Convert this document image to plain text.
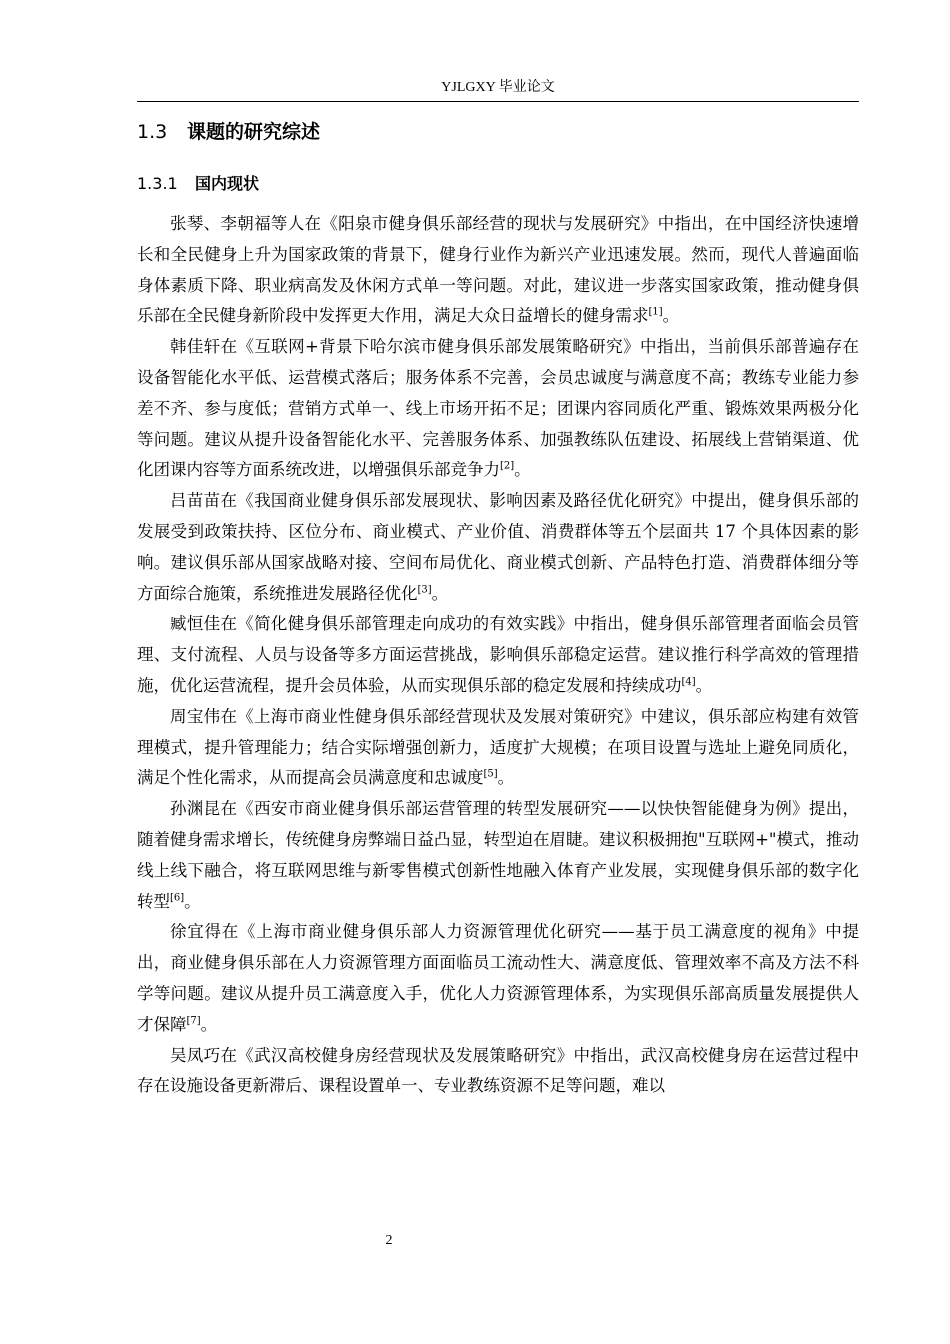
YJLGXY 毕业论文
1.3 课题的研究综述
1.3.1 国内现状

张琴、李朝福等人在《阳泉市健身俱乐部经营的现状与发展研究》中指出，在中国经济快速增长和全民健身上升为国家政策的背景下，健身行业作为新兴产业迅速发展。然而，现代人普遍面临身体素质下降、职业病高发及休闲方式单一等问题。对此，建议进一步落实国家政策，推动健身俱乐部在全民健身新阶段中发挥更大作用，满足大众日益增长的健身需求[1]。

韩佳轩在《互联网+背景下哈尔滨市健身俱乐部发展策略研究》中指出，当前俱乐部普遍存在设备智能化水平低、运营模式落后；服务体系不完善，会员忠诚度与满意度不高；教练专业能力参差不齐、参与度低；营销方式单一、线上市场开拓不足；团课内容同质化严重、锻炼效果两极分化等问题。建议从提升设备智能化水平、完善服务体系、加强教练队伍建设、拓展线上营销渠道、优化团课内容等方面系统改进，以增强俱乐部竞争力[2]。

吕苗苗在《我国商业健身俱乐部发展现状、影响因素及路径优化研究》中提出，健身俱乐部的发展受到政策扶持、区位分布、商业模式、产业价值、消费群体等五个层面共 17 个具体因素的影响。建议俱乐部从国家战略对接、空间布局优化、商业模式创新、产品特色打造、消费群体细分等方面综合施策，系统推进发展路径优化[3]。

臧恒佳在《简化健身俱乐部管理走向成功的有效实践》中指出，健身俱乐部管理者面临会员管理、支付流程、人员与设备等多方面运营挑战，影响俱乐部稳定运营。建议推行科学高效的管理措施，优化运营流程，提升会员体验，从而实现俱乐部的稳定发展和持续成功[4]。

周宝伟在《上海市商业性健身俱乐部经营现状及发展对策研究》中建议，俱乐部应构建有效管理模式，提升管理能力；结合实际增强创新力，适度扩大规模；在项目设置与选址上避免同质化，满足个性化需求，从而提高会员满意度和忠诚度[5]。

孙渊昆在《西安市商业健身俱乐部运营管理的转型发展研究——以快快智能健身为例》提出，随着健身需求增长，传统健身房弊端日益凸显，转型迫在眉睫。建议积极拥抱"互联网+"模式，推动线上线下融合，将互联网思维与新零售模式创新性地融入体育产业发展，实现健身俱乐部的数字化转型[6]。

徐宜得在《上海市商业健身俱乐部人力资源管理优化研究——基于员工满意度的视角》中提出，商业健身俱乐部在人力资源管理方面面临员工流动性大、满意度低、管理效率不高及方法不科学等问题。建议从提升员工满意度入手，优化人力资源管理体系，为实现俱乐部高质量发展提供人才保障[7]。

吴凤巧在《武汉高校健身房经营现状及发展策略研究》中指出，武汉高校健身房在运营过程中存在设施设备更新滞后、课程设置单一、专业教练资源不足等问题，难以

2
